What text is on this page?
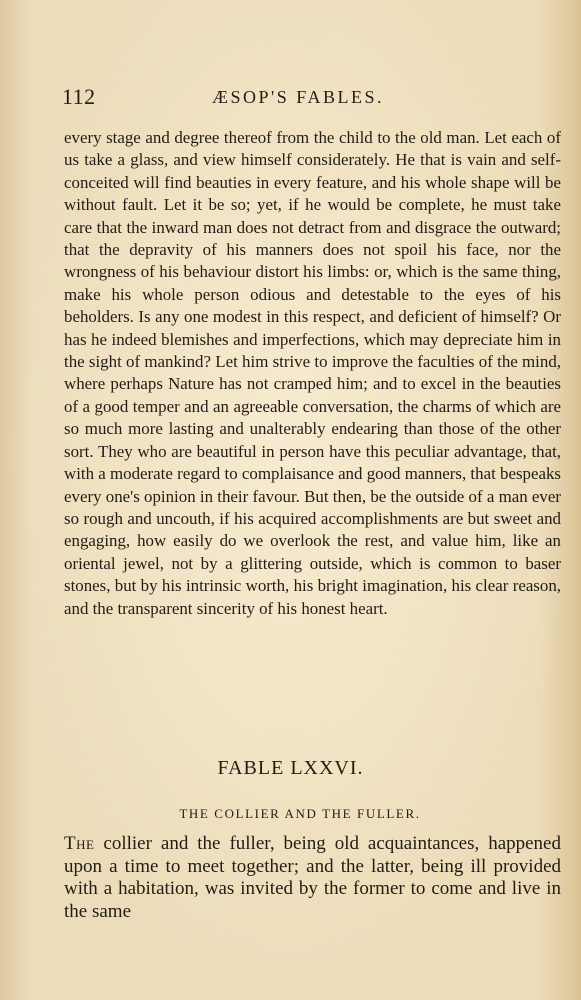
112	ÆSOP'S FABLES.

every stage and degree thereof from the child to the old man. Let each of us take a glass, and view himself considerately. He that is vain and self-conceited will find beauties in every feature, and his whole shape will be without fault. Let it be so; yet, if he would be complete, he must take care that the inward man does not detract from and disgrace the outward; that the depravity of his manners does not spoil his face, nor the wrongness of his behaviour distort his limbs: or, which is the same thing, make his whole person odious and detestable to the eyes of his beholders. Is any one modest in this respect, and deficient of himself? Or has he indeed blemishes and imperfections, which may depreciate him in the sight of mankind? Let him strive to improve the faculties of the mind, where perhaps Nature has not cramped him; and to excel in the beauties of a good temper and an agreeable conversation, the charms of which are so much more lasting and unalterably endearing than those of the other sort. They who are beautiful in person have this peculiar advantage, that, with a moderate regard to complaisance and good manners, that bespeaks every one's opinion in their favour. But then, be the outside of a man ever so rough and uncouth, if his acquired accomplishments are but sweet and engaging, how easily do we overlook the rest, and value him, like an oriental jewel, not by a glittering outside, which is common to baser stones, but by his intrinsic worth, his bright imagination, his clear reason, and the transparent sincerity of his honest heart.

FABLE LXXVI.
THE COLLIER AND THE FULLER.

The collier and the fuller, being old acquaintances, happened upon a time to meet together; and the latter, being ill provided with a habitation, was invited by the former to come and live in the same
